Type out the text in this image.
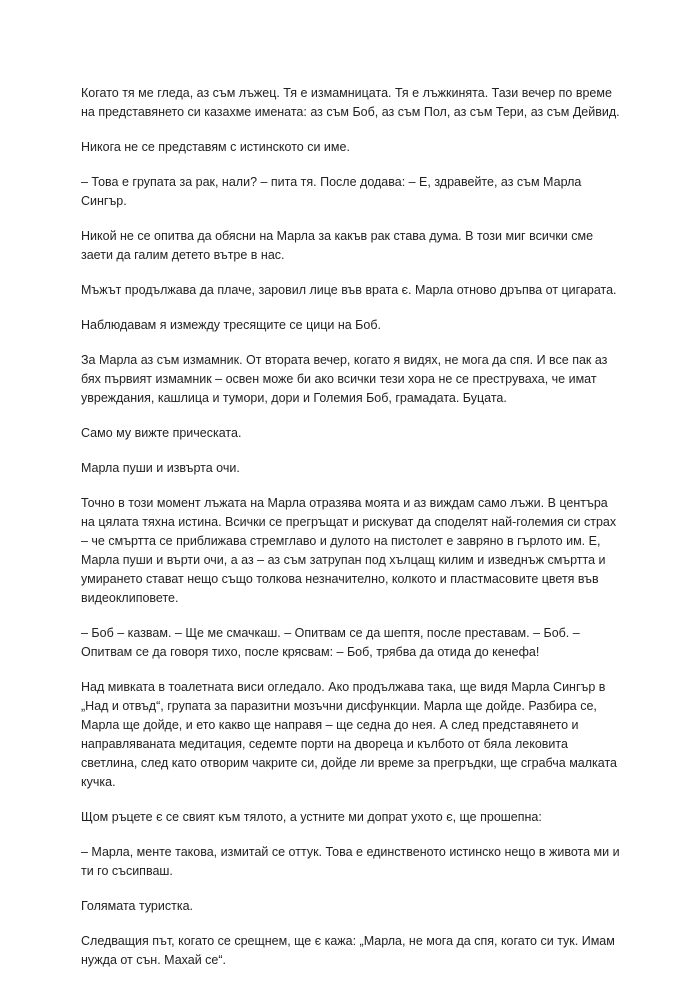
Когато тя ме гледа, аз съм лъжец. Тя е измамницата. Тя е лъжкинята. Тази вечер по време на представянето си казахме имената: аз съм Боб, аз съм Пол, аз съм Тери, аз съм Дейвид.

Никога не се представям с истинското си име.

– Това е групата за рак, нали? – пита тя. После додава: – Е, здравейте, аз съм Марла Сингър.

Никой не се опитва да обясни на Марла за какъв рак става дума. В този миг всички сме заети да галим детето вътре в нас.

Мъжът продължава да плаче, заровил лице във врата є. Марла отново дръпва от цигарата.

Наблюдавам я измежду тресящите се цици на Боб.

За Марла аз съм измамник. От втората вечер, когато я видях, не мога да спя. И все пак аз бях първият измамник – освен може би ако всички тези хора не се преструваха, че имат увреждания, кашлица и тумори, дори и Големия Боб, грамадата. Буцата.

Само му вижте прическата.

Марла пуши и извърта очи.

Точно в този момент лъжата на Марла отразява моята и аз виждам само лъжи. В центъра на цялата тяхна истина. Всички се прегръщат и рискуват да споделят най-големия си страх – че смъртта се приближава стремглаво и дулото на пистолет е завряно в гърлото им. Е, Марла пуши и върти очи, а аз – аз съм затрупан под хълцащ килим и изведнъж смъртта и умирането стават нещо също толкова незначително, колкото и пластмасовите цветя във видеоклиповете.

– Боб – казвам. – Ще ме смачкаш. – Опитвам се да шептя, после преставам. – Боб. – Опитвам се да говоря тихо, после крясвам: – Боб, трябва да отида до кенефа!

Над мивката в тоалетната виси огледало. Ако продължава така, ще видя Марла Сингър в „Над и отвъд“, групата за паразитни мозъчни дисфункции. Марла ще дойде. Разбира се, Марла ще дойде, и ето какво ще направя – ще седна до нея. А след представянето и направляваната медитация, седемте порти на двореца и кълбото от бяла лековита светлина, след като отворим чакрите си, дойде ли време за прегръдки, ще сграбча малката кучка.

Щом ръцете є се свият към тялото, а устните ми допрат ухото є, ще прошепна:

– Марла, менте такова, измитай се оттук. Това е единственото истинско нещо в живота ми и ти го съсипваш.

Голямата туристка.

Следващия път, когато се срещнем, ще є кажа: „Марла, не мога да спя, когато си тук. Имам нужда от сън. Махай се“.
